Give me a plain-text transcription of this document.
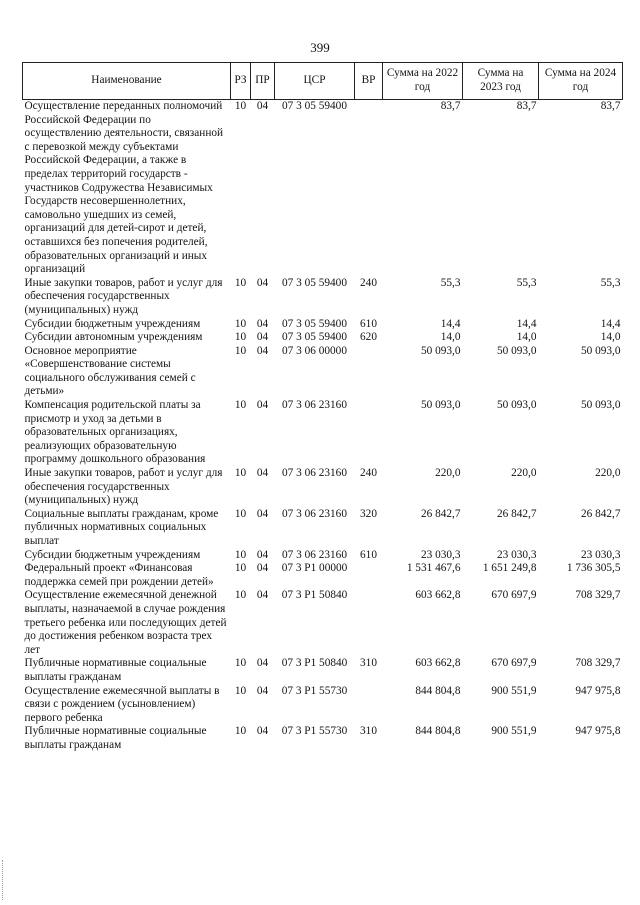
399
Наименование	РЗ	ПР	ЦСР	ВР	Сумма на 2022 год	Сумма на 2023 год	Сумма на 2024 год
Осуществление переданных полномочий Российской Федерации по осуществлению деятельности, связанной с перевозкой между субъектами Российской Федерации, а также в пределах территорий государств - участников Содружества Независимых Государств несовершеннолетних, самовольно ушедших из семей, организаций для детей-сирот и детей, оставшихся без попечения родителей, образовательных организаций и иных организаций	10	04	07 3 05 59400		83,7	83,7	83,7
Иные закупки товаров, работ и услуг для обеспечения государственных (муниципальных) нужд	10	04	07 3 05 59400	240	55,3	55,3	55,3
Субсидии бюджетным учреждениям	10	04	07 3 05 59400	610	14,4	14,4	14,4
Субсидии автономным учреждениям	10	04	07 3 05 59400	620	14,0	14,0	14,0
Основное мероприятие «Совершенствование системы социального обслуживания семей с детьми»	10	04	07 3 06 00000		50 093,0	50 093,0	50 093,0
Компенсация родительской платы за присмотр и уход за детьми в образовательных организациях, реализующих образовательную программу дошкольного образования	10	04	07 3 06 23160		50 093,0	50 093,0	50 093,0
Иные закупки товаров, работ и услуг для обеспечения государственных (муниципальных) нужд	10	04	07 3 06 23160	240	220,0	220,0	220,0
Социальные выплаты гражданам, кроме публичных нормативных социальных выплат	10	04	07 3 06 23160	320	26 842,7	26 842,7	26 842,7
Субсидии бюджетным учреждениям	10	04	07 3 06 23160	610	23 030,3	23 030,3	23 030,3
Федеральный проект «Финансовая поддержка семей при рождении детей»	10	04	07 3 P1 00000		1 531 467,6	1 651 249,8	1 736 305,5
Осуществление ежемесячной денежной выплаты, назначаемой в случае рождения третьего ребенка или последующих детей до достижения ребенком возраста трех лет	10	04	07 3 P1 50840		603 662,8	670 697,9	708 329,7
Публичные нормативные социальные выплаты гражданам	10	04	07 3 P1 50840	310	603 662,8	670 697,9	708 329,7
Осуществление ежемесячной выплаты в связи с рождением (усыновлением) первого ребенка	10	04	07 3 P1 55730		844 804,8	900 551,9	947 975,8
Публичные нормативные социальные выплаты гражданам	10	04	07 3 P1 55730	310	844 804,8	900 551,9	947 975,8
